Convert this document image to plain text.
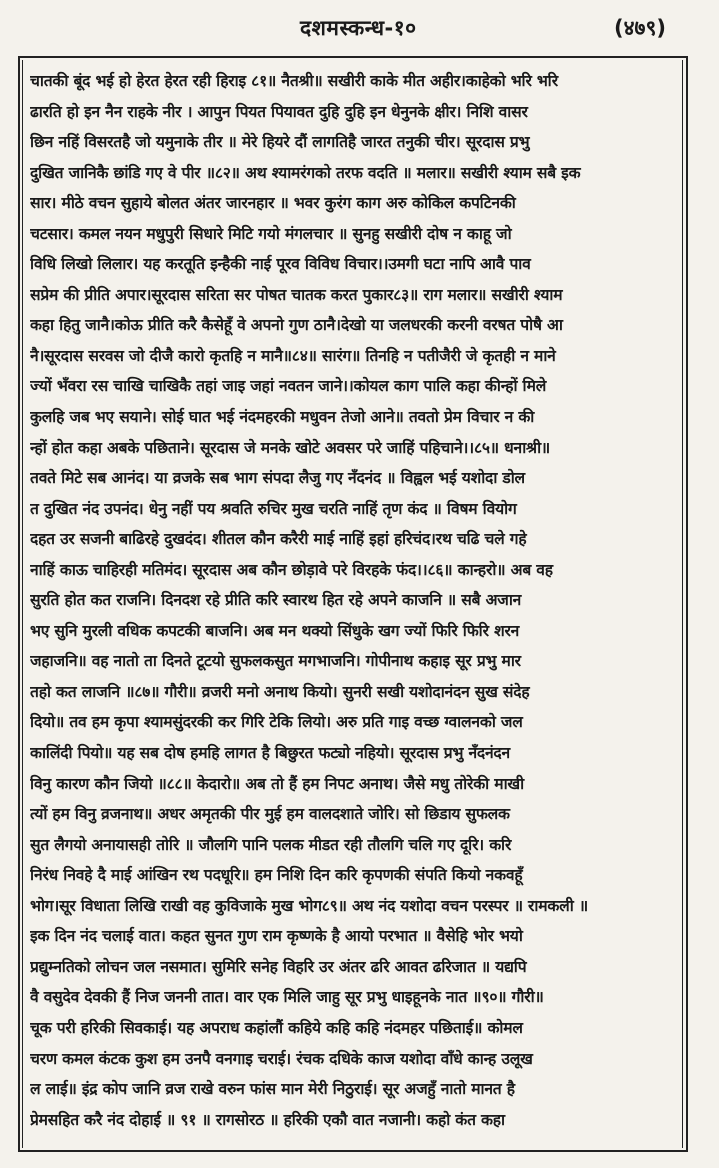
दशमस्कन्ध-१०	(४७९)
चातकी बूंद भई हो हेरत हेरत रही हिराइ ८१॥ नैतश्री॥ सखीरी काके मीत अहीर।काहेको भरि भरि
ढारति हो इन नैन राहके नीर । आपुन पियत पियावत दुहि दुहि इन धेनुनके क्षीर। निशि वासर
छिन नहिं विसरतहै जो यमुनाके तीर ॥ मेरे हियरे दौं लागतिहै जारत तनुकी चीर। सूरदास प्रभु
दुखित जानिकै छांडि गए वे पीर ॥८२॥ अथ श्यामरंगको तरफ वदति ॥ मलार॥ सखीरी श्याम सबै इक
सार। मीठे वचन सुहाये बोलत अंतर जारनहार ॥ भवर कुरंग काग अरु कोकिल कपटिनकी
चटसार। कमल नयन मधुपुरी सिधारे मिटि गयो मंगलचार ॥ सुनहु सखीरी दोष न काहू जो
विधि लिखो लिलार। यह करतूति इन्हैकी नाई पूरव विविध विचार।।उमगी घटा नापि आवै पाव
सप्रेम की प्रीति अपार।सूरदास सरिता सर पोषत चातक करत पुकार८३॥ राग मलार॥ सखीरी श्याम
कहा हितु जानै।कोऊ प्रीति करै कैसेहूँ वे अपनो गुण ठानै।देखो या जलधरकी करनी वरषत पोषै आ
नै।सूरदास सरवस जो दीजै कारो कृतहि न मानै॥८४॥ सारंग॥ तिनहि न पतीजैरी जे कृतही न माने
ज्यों भँवरा रस चाखि चाखिकै तहां जाइ जहां नवतन जाने।।कोयल काग पालि कहा कीन्हों मिले
कुलहि जब भए सयाने। सोई घात भई नंदमहरकी मधुवन तेजो आने॥ तवतो प्रेम विचार न की
न्हों होत कहा अबके पछिताने। सूरदास जे मनके खोटे अवसर परे जाहिं पहिचाने।।८५॥ धनाश्री॥
तवते मिटे सब आनंद। या व्रजके सब भाग संपदा लैजु गए नँदनंद ॥ विह्वल भई यशोदा डोल
त दुखित नंद उपनंद। धेनु नहीं पय श्रवति रुचिर मुख चरति नाहिं तृण कंद ॥ विषम वियोग
दहत उर सजनी बाढिरहे दुखदंद। शीतल कौन करैरी माई नाहिं इहां हरिचंद।रथ चढि चले गहे
नाहिं काऊ चाहिरही मतिमंद। सूरदास अब कौन छोड़ावे परे विरहके फंद।।८६॥ कान्हरो॥ अब वह
सुरति होत कत राजनि। दिनदश रहे प्रीति करि स्वारथ हित रहे अपने काजनि ॥ सबै अजान
भए सुनि मुरली वधिक कपटकी बाजनि। अब मन थक्यो सिंधुके खग ज्यों फिरि फिरि शरन
जहाजनि॥ वह नातो ता दिनते टूटयो सुफलकसुत मगभाजनि। गोपीनाथ कहाइ सूर प्रभु मार
तहो कत लाजनि ॥८७॥ गौरी॥ व्रजरी मनो अनाथ कियो। सुनरी सखी यशोदानंदन सुख संदेह
दियो॥ तव हम कृपा श्यामसुंदरकी कर गिरि टेकि लियो। अरु प्रति गाइ वच्छ ग्वालनको जल
कालिंदी पियो॥ यह सब दोष हमहि लागत है बिछुरत फट्यो नहियो। सूरदास प्रभु नँदनंदन
विनु कारण कौन जियो ॥८८॥ केदारो॥ अब तो हैं हम निपट अनाथ। जैसे मधु तोरेकी माखी
त्यों हम विनु व्रजनाथ॥ अधर अमृतकी पीर मुई हम वालदशाते जोरि। सो छिडाय सुफलक
सुत लैगयो अनायासही तोरि ॥ जौलगि पानि पलक मीडत रही तौलगि चलि गए दूरि। करि
निरंध निवहे दै माई आंखिन रथ पदधूरि॥ हम निशि दिन करि कृपणकी संपति कियो नकवहूँ
भोग।सूर विधाता लिखि राखी वह कुविजाके मुख भोग८९॥ अथ नंद यशोदा वचन परस्पर ॥ रामकली ॥
इक दिन नंद चलाई वात। कहत सुनत गुण राम कृष्णके है आयो परभात ॥ वैसेहि भोर भयो
प्रद्युम्नतिको लोचन जल नसमात। सुमिरि सनेह विहरि उर अंतर ढरि आवत ढरिजात ॥ यद्यपि
वै वसुदेव देवकी हैं निज जननी तात। वार एक मिलि जाहु सूर प्रभु धाइहूनके नात ॥९०॥ गौरी॥
चूक परी हरिकी सिवकाई। यह अपराध कहांलौं कहिये कहि कहि नंदमहर पछिताई॥ कोमल
चरण कमल कंटक कुश हम उनपै वनगाइ चराई। रंचक दधिके काज यशोदा वाँधे कान्ह उलूख
ल लाई॥ इंद्र कोप जानि व्रज राखे वरुन फांस मान मेरी निठुराई। सूर अजहुँ नातो मानत है
प्रेमसहित करै नंद दोहाई ॥ ९१ ॥ रागसोरठ ॥ हरिकी एकौ वात नजानी। कहो कंत कहा
